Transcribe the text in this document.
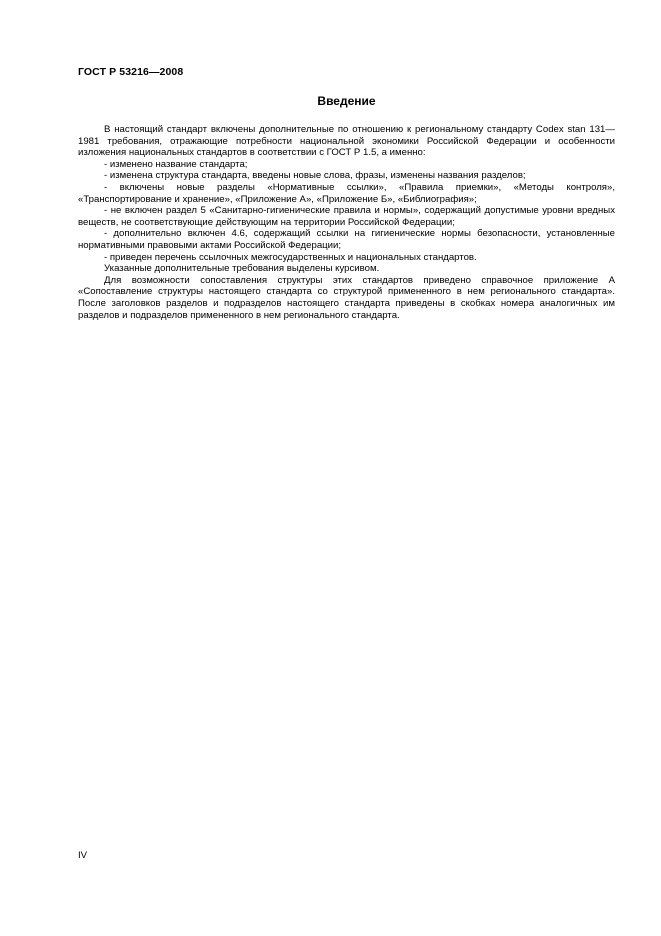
ГОСТ Р 53216—2008
Введение

В настоящий стандарт включены дополнительные по отношению к региональному стандарту Codex stan 131—1981 требования, отражающие потребности национальной экономики Российской Федерации и особенности изложения национальных стандартов в соответствии с ГОСТ Р 1.5, а именно:

- изменено название стандарта;

- изменена структура стандарта, введены новые слова, фразы, изменены названия разделов;

- включены новые разделы «Нормативные ссылки», «Правила приемки», «Методы контроля», «Транспортирование и хранение», «Приложение А», «Приложение Б», «Библиография»;

- не включен раздел 5 «Санитарно-гигиенические правила и нормы», содержащий допустимые уровни вредных веществ, не соответствующие действующим на территории Российской Федерации;

- дополнительно включен 4.6, содержащий ссылки на гигиенические нормы безопасности, установленные нормативными правовыми актами Российской Федерации;

- приведен перечень ссылочных межгосударственных и национальных стандартов.

Указанные дополнительные требования выделены курсивом.

Для возможности сопоставления структуры этих стандартов приведено справочное приложение А «Сопоставление структуры настоящего стандарта со структурой примененного в нем регионального стандарта». После заголовков разделов и подразделов настоящего стандарта приведены в скобках номера аналогичных им разделов и подразделов примененного в нем регионального стандарта.

IV
